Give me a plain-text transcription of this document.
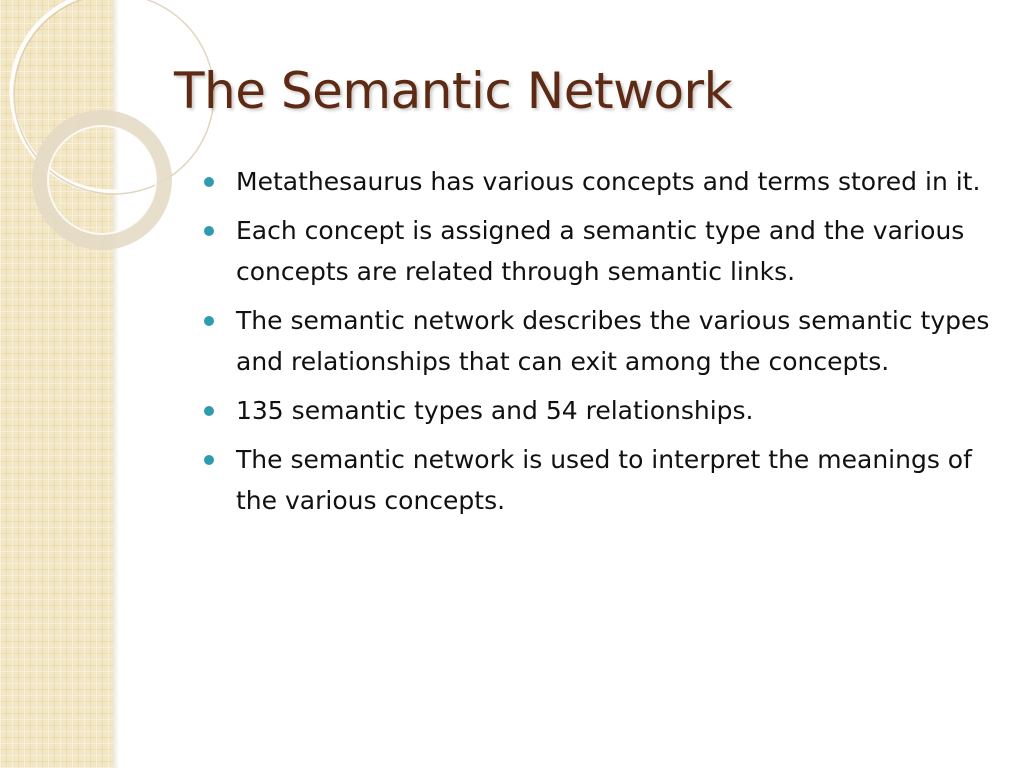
The Semantic Network
Metathesaurus has various concepts and terms stored in it.
Each concept is assigned a semantic type and the various concepts are related through semantic links.
The semantic network describes the various semantic types and relationships that can exit among the concepts.
135 semantic types and 54 relationships.
The semantic network is used to interpret the meanings of the various concepts.
